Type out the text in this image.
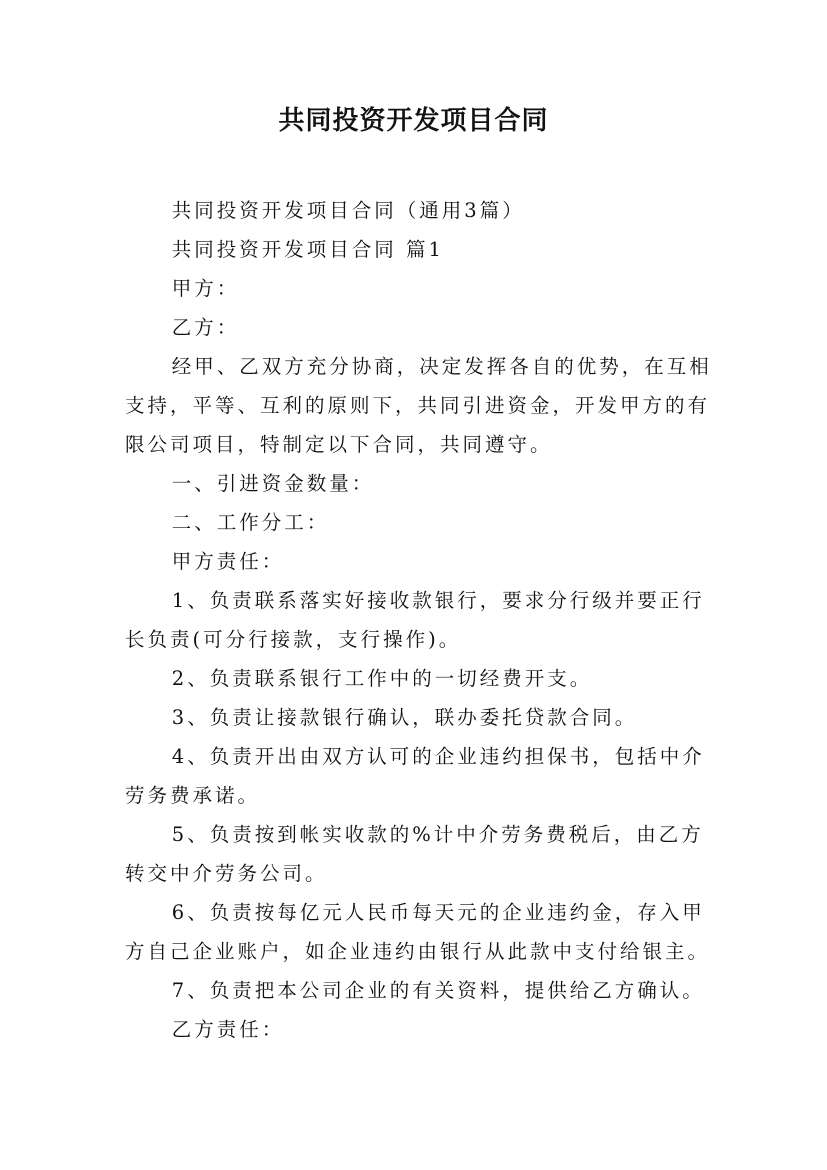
共同投资开发项目合同

共同投资开发项目合同（通用3篇）

共同投资开发项目合同 篇1

甲方：

乙方：

经甲、乙双方充分协商，决定发挥各自的优势，在互相支持，平等、互利的原则下，共同引进资金，开发甲方的有限公司项目，特制定以下合同，共同遵守。

一、引进资金数量：

二、工作分工：

甲方责任：

1、负责联系落实好接收款银行，要求分行级并要正行长负责(可分行接款，支行操作)。

2、负责联系银行工作中的一切经费开支。

3、负责让接款银行确认，联办委托贷款合同。

4、负责开出由双方认可的企业违约担保书，包括中介劳务费承诺。

5、负责按到帐实收款的%计中介劳务费税后，由乙方转交中介劳务公司。

6、负责按每亿元人民币每天元的企业违约金，存入甲方自己企业账户，如企业违约由银行从此款中支付给银主。

7、负责把本公司企业的有关资料，提供给乙方确认。

乙方责任：
